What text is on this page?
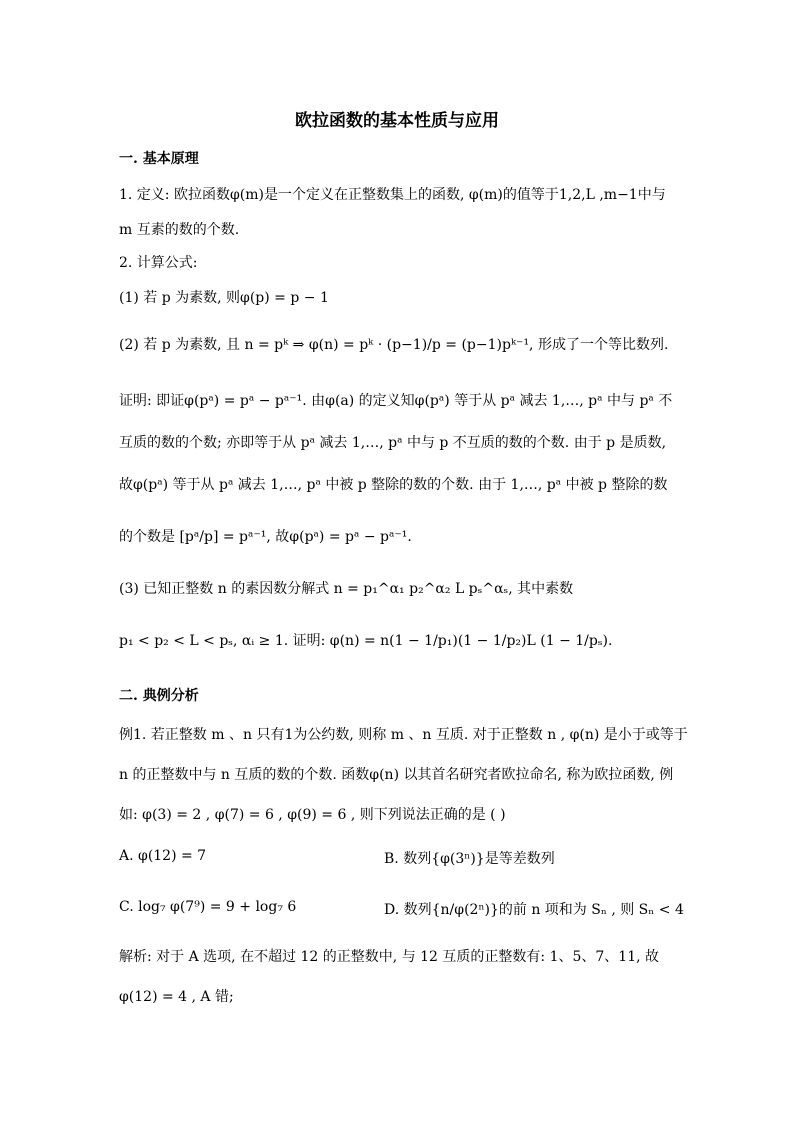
欧拉函数的基本性质与应用
一. 基本原理
1. 定义: 欧拉函数φ(m)是一个定义在正整数集上的函数, φ(m)的值等于1,2,L ,m−1中与
m 互素的数的个数.
2. 计算公式:
(1) 若 p 为素数, 则φ(p) = p − 1
(2) 若 p 为素数, 且 n = pᵏ ⇒ φ(n) = pᵏ · (p−1)/p = (p−1)pᵏ⁻¹, 形成了一个等比数列.
证明: 即证φ(pᵃ) = pᵃ − pᵃ⁻¹. 由φ(a) 的定义知φ(pᵃ) 等于从 pᵃ 减去 1,…, pᵃ 中与 pᵃ 不
互质的数的个数; 亦即等于从 pᵃ 减去 1,…, pᵃ 中与 p 不互质的数的个数. 由于 p 是质数,
故φ(pᵃ) 等于从 pᵃ 减去 1,…, pᵃ 中被 p 整除的数的个数. 由于 1,…, pᵃ 中被 p 整除的数
的个数是 [pᵃ/p] = pᵃ⁻¹, 故φ(pᵃ) = pᵃ − pᵃ⁻¹.
(3) 已知正整数 n 的素因数分解式 n = p₁^α₁ p₂^α₂ L pₛ^αₛ, 其中素数
p₁ < p₂ < L < pₛ, αᵢ ≥ 1. 证明: φ(n) = n(1 − 1/p₁)(1 − 1/p₂)L (1 − 1/pₛ).
二. 典例分析
例1. 若正整数 m 、n 只有1为公约数, 则称 m 、n 互质. 对于正整数 n , φ(n) 是小于或等于
n 的正整数中与 n 互质的数的个数. 函数φ(n) 以其首名研究者欧拉命名, 称为欧拉函数, 例
如: φ(3) = 2 , φ(7) = 6 , φ(9) = 6 , 则下列说法正确的是 ( )
A. φ(12) = 7	B. 数列{φ(3ⁿ)}是等差数列
C. log₇ φ(7⁹) = 9 + log₇ 6	D. 数列{n/φ(2ⁿ)}的前 n 项和为 Sₙ , 则 Sₙ < 4
解析: 对于 A 选项, 在不超过 12 的正整数中, 与 12 互质的正整数有: 1、5、7、11, 故
φ(12) = 4 , A 错;
